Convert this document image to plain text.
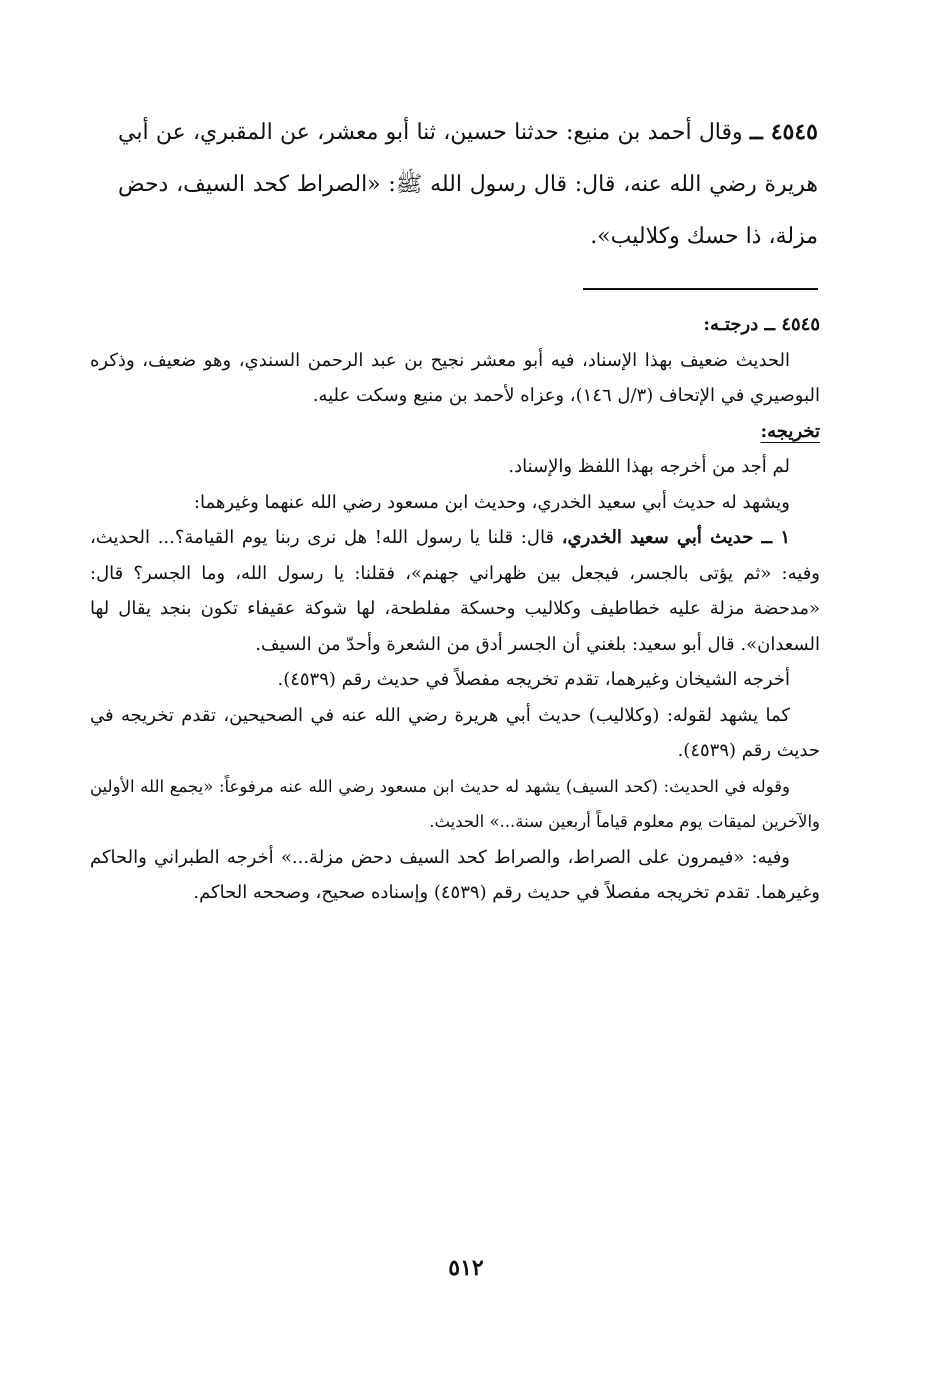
٤٥٤٥ ــ وقال أحمد بن منيع: حدثنا حسين، ثنا أبو معشر، عن المقبري، عن أبي هريرة رضي الله عنه، قال: قال رسول الله ﷺ: «الصراط كحد السيف، دحض مزلة، ذا حسك وكلاليب».

٤٥٤٥ ــ درجتـه:

الحديث ضعيف بهذا الإسناد، فيه أبو معشر نجيح بن عبد الرحمن السندي، وهو ضعيف، وذكره البوصيري في الإتحاف (٣/ل ١٤٦)، وعزاه لأحمد بن منيع وسكت عليه.

تخريجه:

لم أجد من أخرجه بهذا اللفظ والإسناد.

ويشهد له حديث أبي سعيد الخدري، وحديث ابن مسعود رضي الله عنهما وغيرهما:

١ ــ حديث أبي سعيد الخدري، قال: قلنا يا رسول الله! هل نرى ربنا يوم القيامة؟... الحديث، وفيه: «ثم يؤتى بالجسر، فيجعل بين ظهراني جهنم»، فقلنا: يا رسول الله، وما الجسر؟ قال: «مدحضة مزلة عليه خطاطيف وكلاليب وحسكة مفلطحة، لها شوكة عقيفاء تكون بنجد يقال لها السعدان». قال أبو سعيد: بلغني أن الجسر أدق من الشعرة وأحدّ من السيف.

أخرجه الشيخان وغيرهما، تقدم تخريجه مفصلاً في حديث رقم (٤٥٣٩).

كما يشهد لقوله: (وكلاليب) حديث أبي هريرة رضي الله عنه في الصحيحين، تقدم تخريجه في حديث رقم (٤٥٣٩).

وقوله في الحديث: (كحد السيف) يشهد له حديث ابن مسعود رضي الله عنه مرفوعاً: «يجمع الله الأولين والآخرين لميقات يوم معلوم قياماً أربعين سنة...» الحديث.

وفيه: «فيمرون على الصراط، والصراط كحد السيف دحض مزلة...» أخرجه الطبراني والحاكم وغيرهما. تقدم تخريجه مفصلاً في حديث رقم (٤٥٣٩) وإسناده صحيح، وصححه الحاكم.

٥١٢
